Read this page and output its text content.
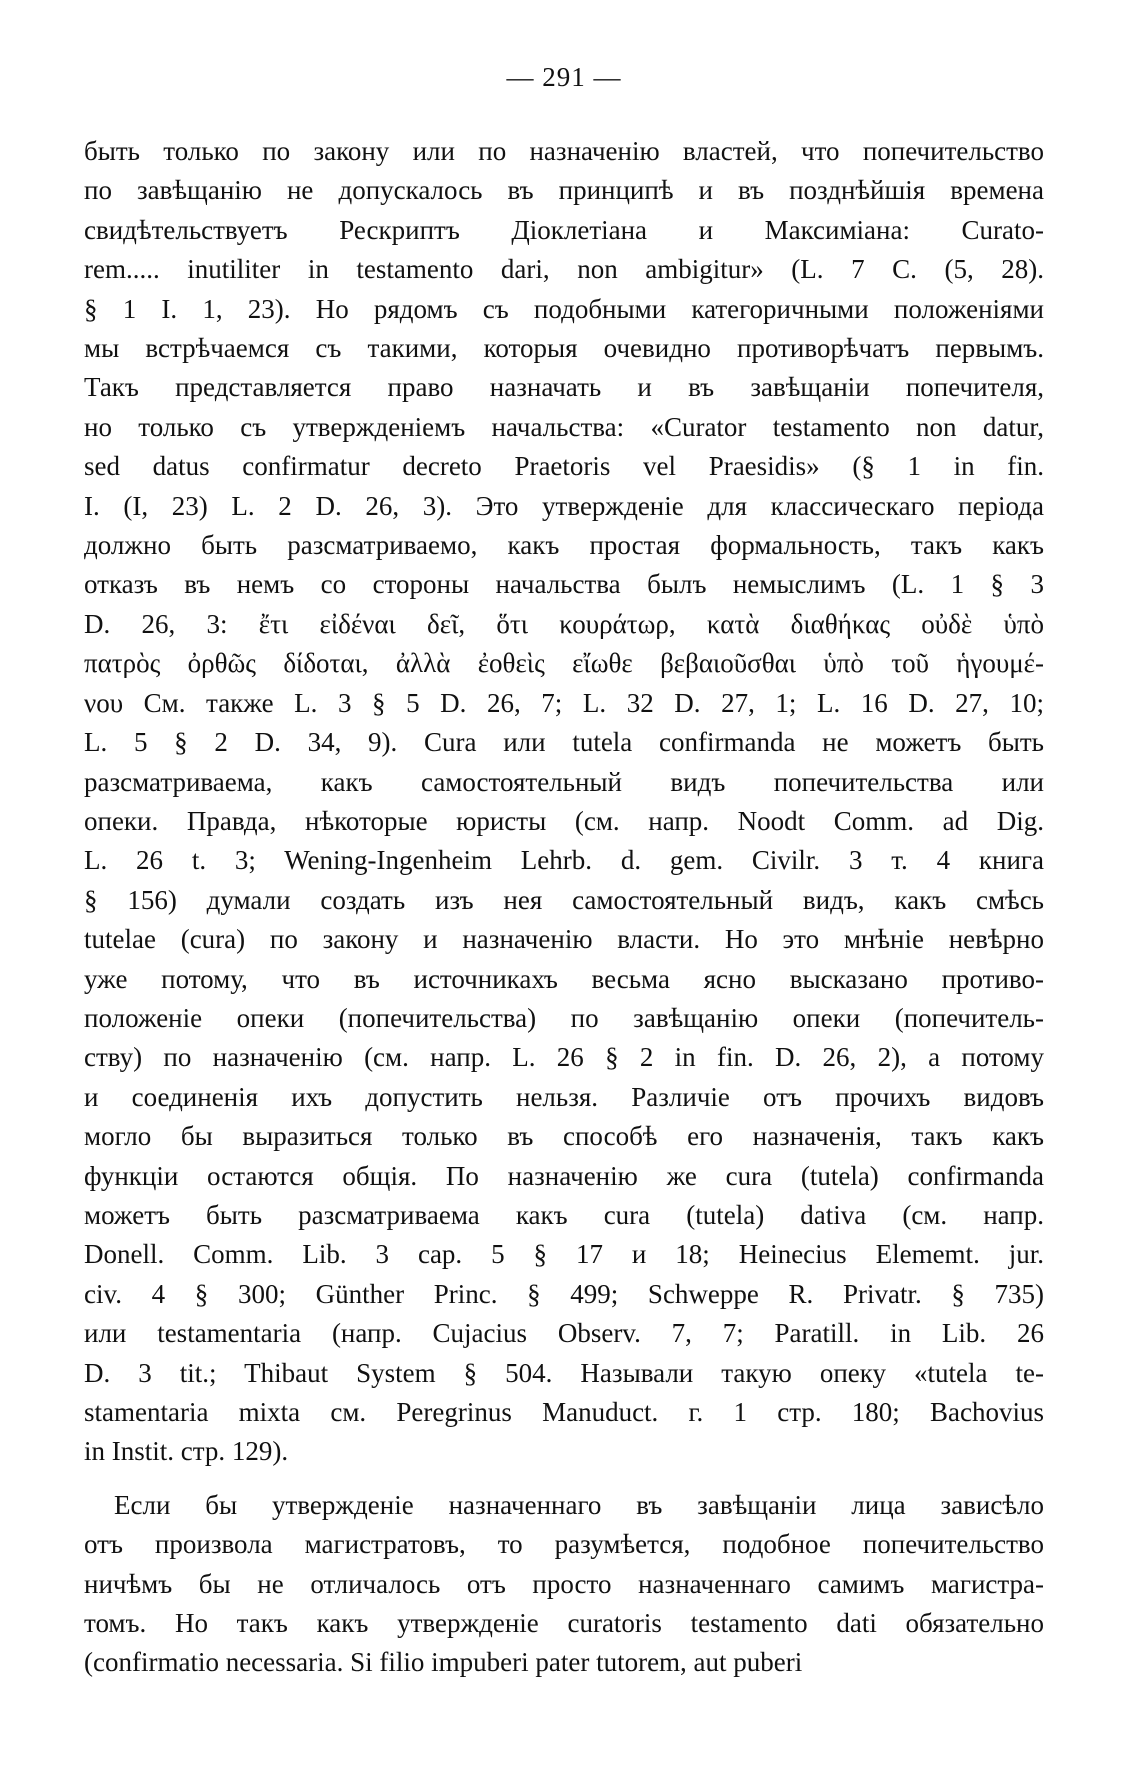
— 291 —
быть только по закону или по назначенію властей, что попечительство
по завѣщанію не допускалось въ принципѣ и въ позднѣйшія времена
свидѣтельствуетъ Рескриптъ Діоклетіана и Максиміана: Curato-
rem..... inutiliter in testamento dari, non ambigitur» (L. 7 C. (5, 28).
§ 1 I. 1, 23). Но рядомъ съ подобными категоричными положеніями
мы встрѣчаемся съ такими, которыя очевидно противорѣчатъ первымъ.
Такъ представляется право назначать и въ завѣщаніи попечителя,
но только съ утвержденіемъ начальства: «Curator testamento non datur,
sed datus confirmatur decreto Praetoris vel Praesidis» (§ 1 in fin.
I. (I, 23) L. 2 D. 26, 3). Это утвержденіе для классическаго періода
должно быть разсматриваемо, какъ простая формальность, такъ какъ
отказъ въ немъ со стороны начальства былъ немыслимъ (L. 1 § 3
D. 26, 3: ἔτι εἰδέναι δεῖ, ὅτι κουράτωρ, κατὰ διαθήκας οὐδὲ ὑπὸ
πατρὸς ὀρθῶς δίδοται, ἀλλὰ ἐοθεὶς εἴωθε βεβαιοῦσθαι ὑπὸ τοῦ ἡγουμέ-
νου См. также L. 3 § 5 D. 26, 7; L. 32 D. 27, 1; L. 16 D. 27, 10;
L. 5 § 2 D. 34, 9). Cura или tutela confirmanda не можетъ быть
разсматриваема, какъ самостоятельный видъ попечительства или
опеки. Правда, нѣкоторые юристы (см. напр. Noodt Comm. ad Dig.
L. 26 t. 3; Wening-Ingenheim Lehrb. d. gem. Civilr. 3 т. 4 книга
§ 156) думали создать изъ нея самостоятельный видъ, какъ смѣсь
tutelae (cura) по закону и назначенію власти. Но это мнѣніе невѣрно
уже потому, что въ источникахъ весьма ясно высказано противо-
положеніе опеки (попечительства) по завѣщанію опеки (попечитель-
ству) по назначенію (см. напр. L. 26 § 2 in fin. D. 26, 2), а потому
и соединенія ихъ допустить нельзя. Различіе отъ прочихъ видовъ
могло бы выразиться только въ способѣ его назначенія, такъ какъ
функціи остаются общія. По назначенію же cura (tutela) confirmanda
можетъ быть разсматриваема какъ cura (tutela) dativa (см. напр.
Donell. Comm. Lib. 3 cap. 5 § 17 и 18; Heinecius Elememt. jur.
civ. 4 § 300; Günther Princ. § 499; Schweppe R. Privatr. § 735)
или testamentaria (напр. Cujacius Observ. 7, 7; Paratill. in Lib. 26
D. 3 tit.; Thibaut System § 504. Называли такую опеку «tutela te-
stamentaria mixta см. Peregrinus Manuduct. г. 1 стр. 180; Bachovius
in Instit. стр. 129).
Если бы утвержденіе назначеннаго въ завѣщаніи лица зависѣло
отъ произвола магистратовъ, то разумѣется, подобное попечительство
ничѣмъ бы не отличалось отъ просто назначеннаго самимъ магистра-
томъ. Но такъ какъ утвержденіе curatoris testamento dati обязательно
(confirmatio necessaria. Si filio impuberi pater tutorem, aut puberi
